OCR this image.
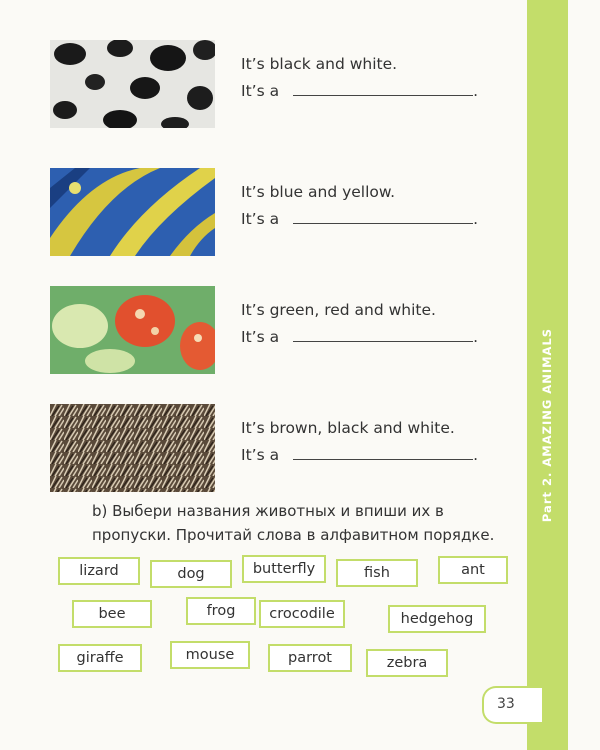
It’s black and white.
It’s a	.
It’s blue and yellow.
It’s a	.
It’s green, red and white.
It’s a	.
It’s brown, black and white.
It’s a	.
b) Выбери названия животных и впиши их в пропуски. Прочитай слова в алфавитном порядке.
lizard	dog	butterfly	fish	ant
bee	frog	crocodile	hedgehog
giraffe	mouse	parrot	zebra
Part 2. AMAZING ANIMALS
33
